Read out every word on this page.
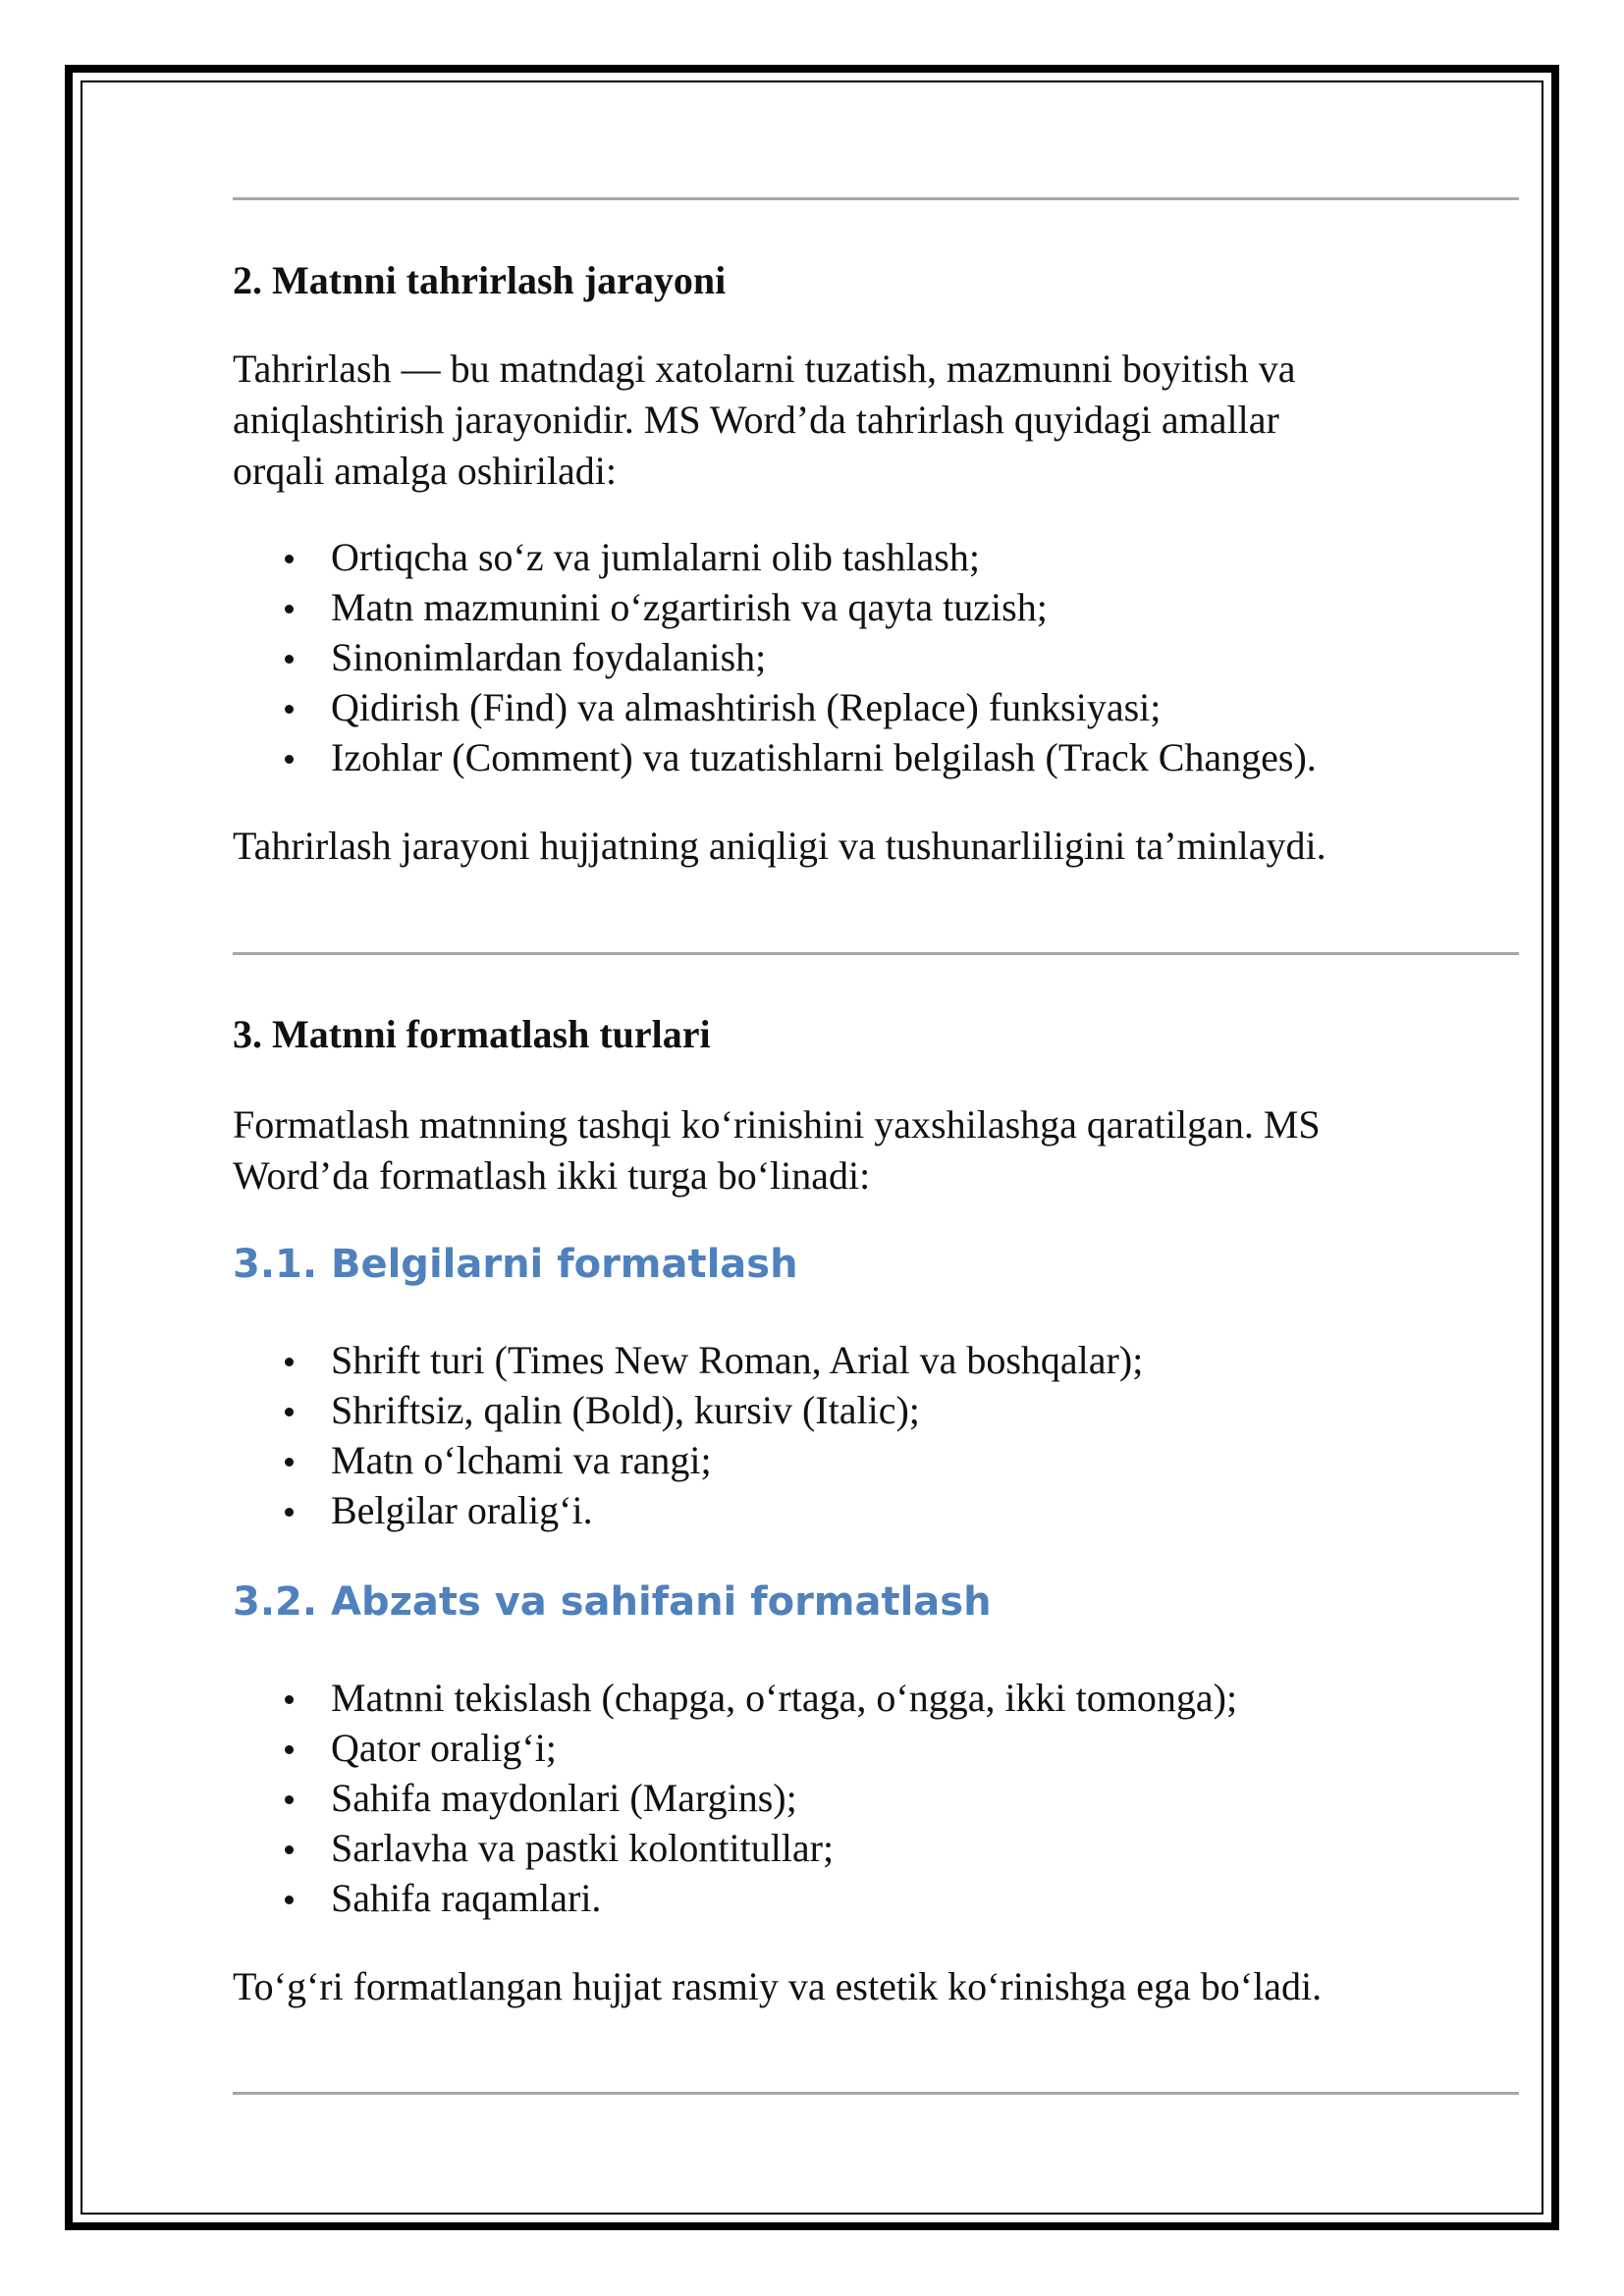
2. Matnni tahrirlash jarayoni

Tahrirlash — bu matndagi xatolarni tuzatish, mazmunni boyitish va
aniqlashtirish jarayonidir. MS Word’da tahrirlash quyidagi amallar
orqali amalga oshiriladi:

Ortiqcha so‘z va jumlalarni olib tashlash;
Matn mazmunini o‘zgartirish va qayta tuzish;
Sinonimlardan foydalanish;
Qidirish (Find) va almashtirish (Replace) funksiyasi;
Izohlar (Comment) va tuzatishlarni belgilash (Track Changes).

Tahrirlash jarayoni hujjatning aniqligi va tushunarliligini ta’minlaydi.

3. Matnni formatlash turlari

Formatlash matnning tashqi ko‘rinishini yaxshilashga qaratilgan. MS
Word’da formatlash ikki turga bo‘linadi:

3.1. Belgilarni formatlash
Shrift turi (Times New Roman, Arial va boshqalar);
Shriftsiz, qalin (Bold), kursiv (Italic);
Matn o‘lchami va rangi;
Belgilar oralig‘i.
3.2. Abzats va sahifani formatlash
Matnni tekislash (chapga, o‘rtaga, o‘ngga, ikki tomonga);
Qator oralig‘i;
Sahifa maydonlari (Margins);
Sarlavha va pastki kolontitullar;
Sahifa raqamlari.

To‘g‘ri formatlangan hujjat rasmiy va estetik ko‘rinishga ega bo‘ladi.
